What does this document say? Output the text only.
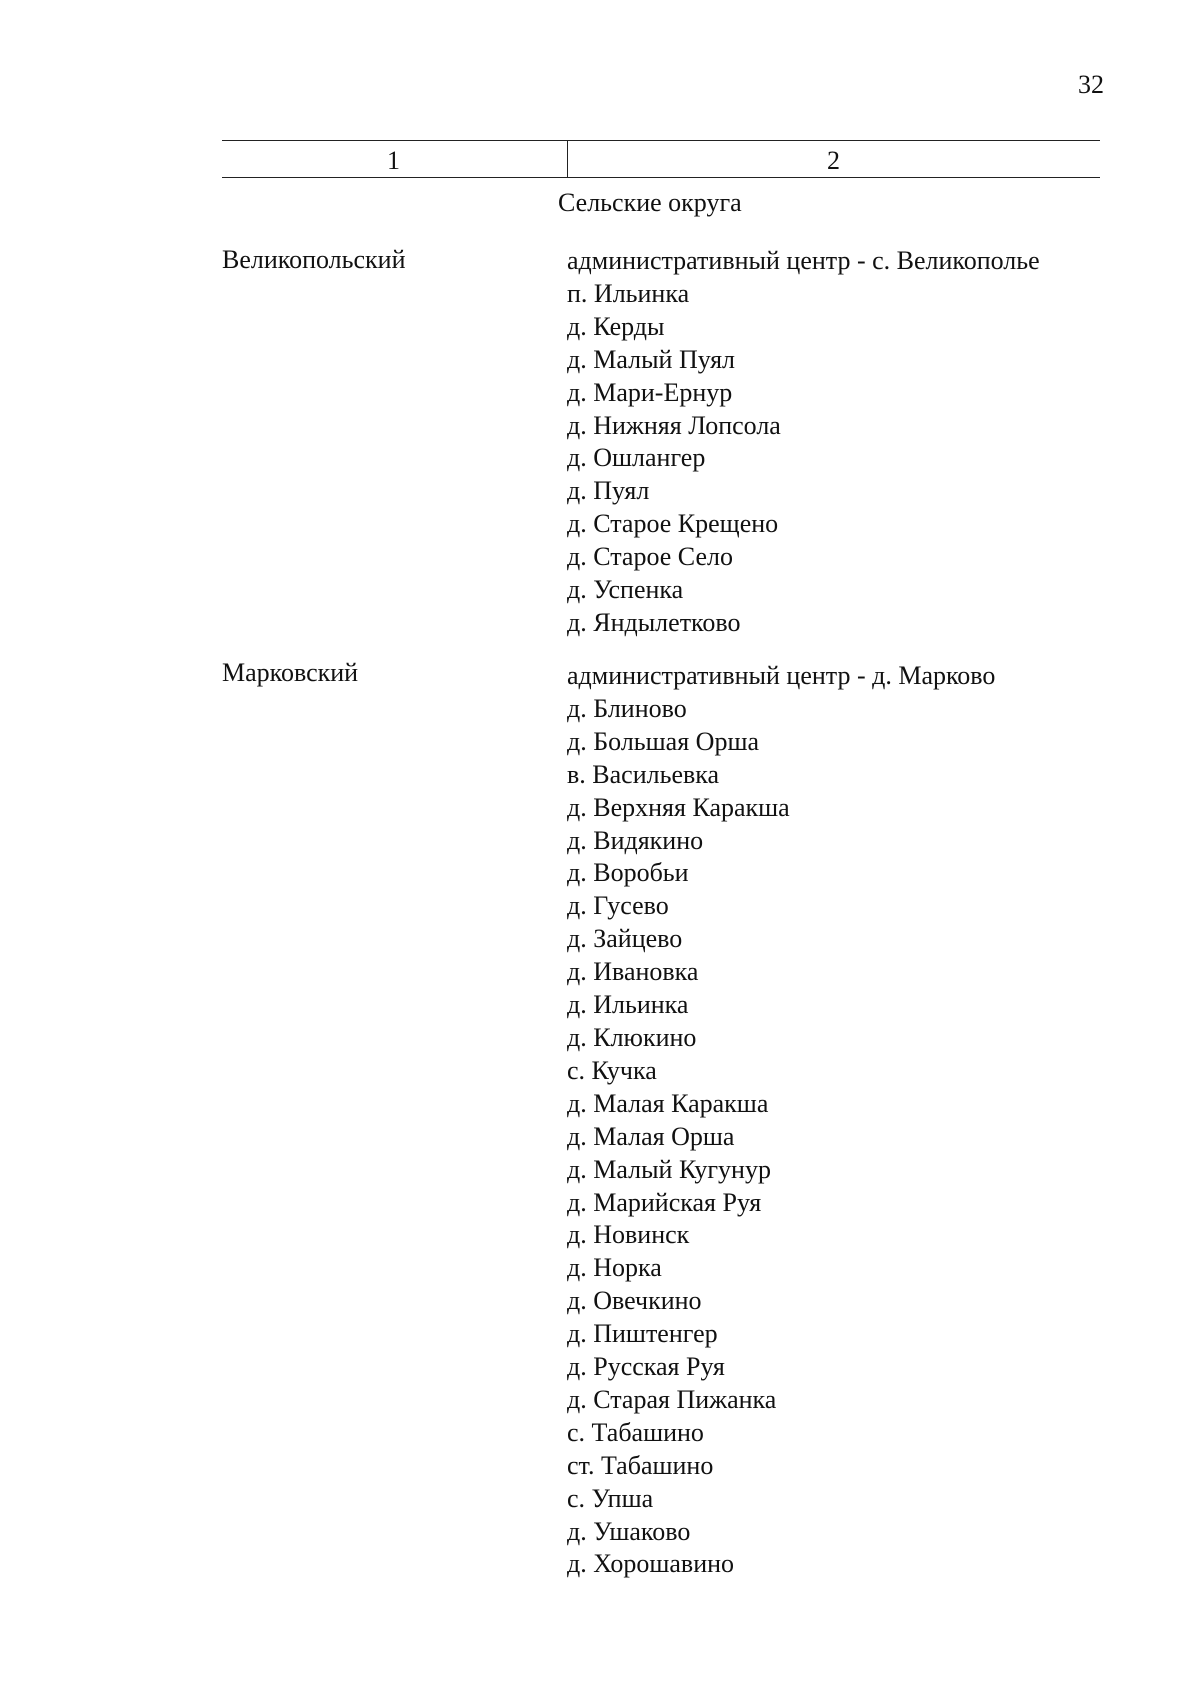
32
1	2
Сельские округа
Великопольский	административный центр - с. Великополье
п. Ильинка
д. Керды
д. Малый Пуял
д. Мари-Ернур
д. Нижняя Лопсола
д. Ошлангер
д. Пуял
д. Старое Крещено
д. Старое Село
д. Успенка
д. Яндылетково
Марковский	административный центр - д. Марково
д. Блиново
д. Большая Орша
в. Васильевка
д. Верхняя Каракша
д. Видякино
д. Воробьи
д. Гусево
д. Зайцево
д. Ивановка
д. Ильинка
д. Клюкино
с. Кучка
д. Малая Каракша
д. Малая Орша
д. Малый Кугунур
д. Марийская Руя
д. Новинск
д. Норка
д. Овечкино
д. Пиштенгер
д. Русская Руя
д. Старая Пижанка
с. Табашино
ст. Табашино
с. Упша
д. Ушаково
д. Хорошавино
